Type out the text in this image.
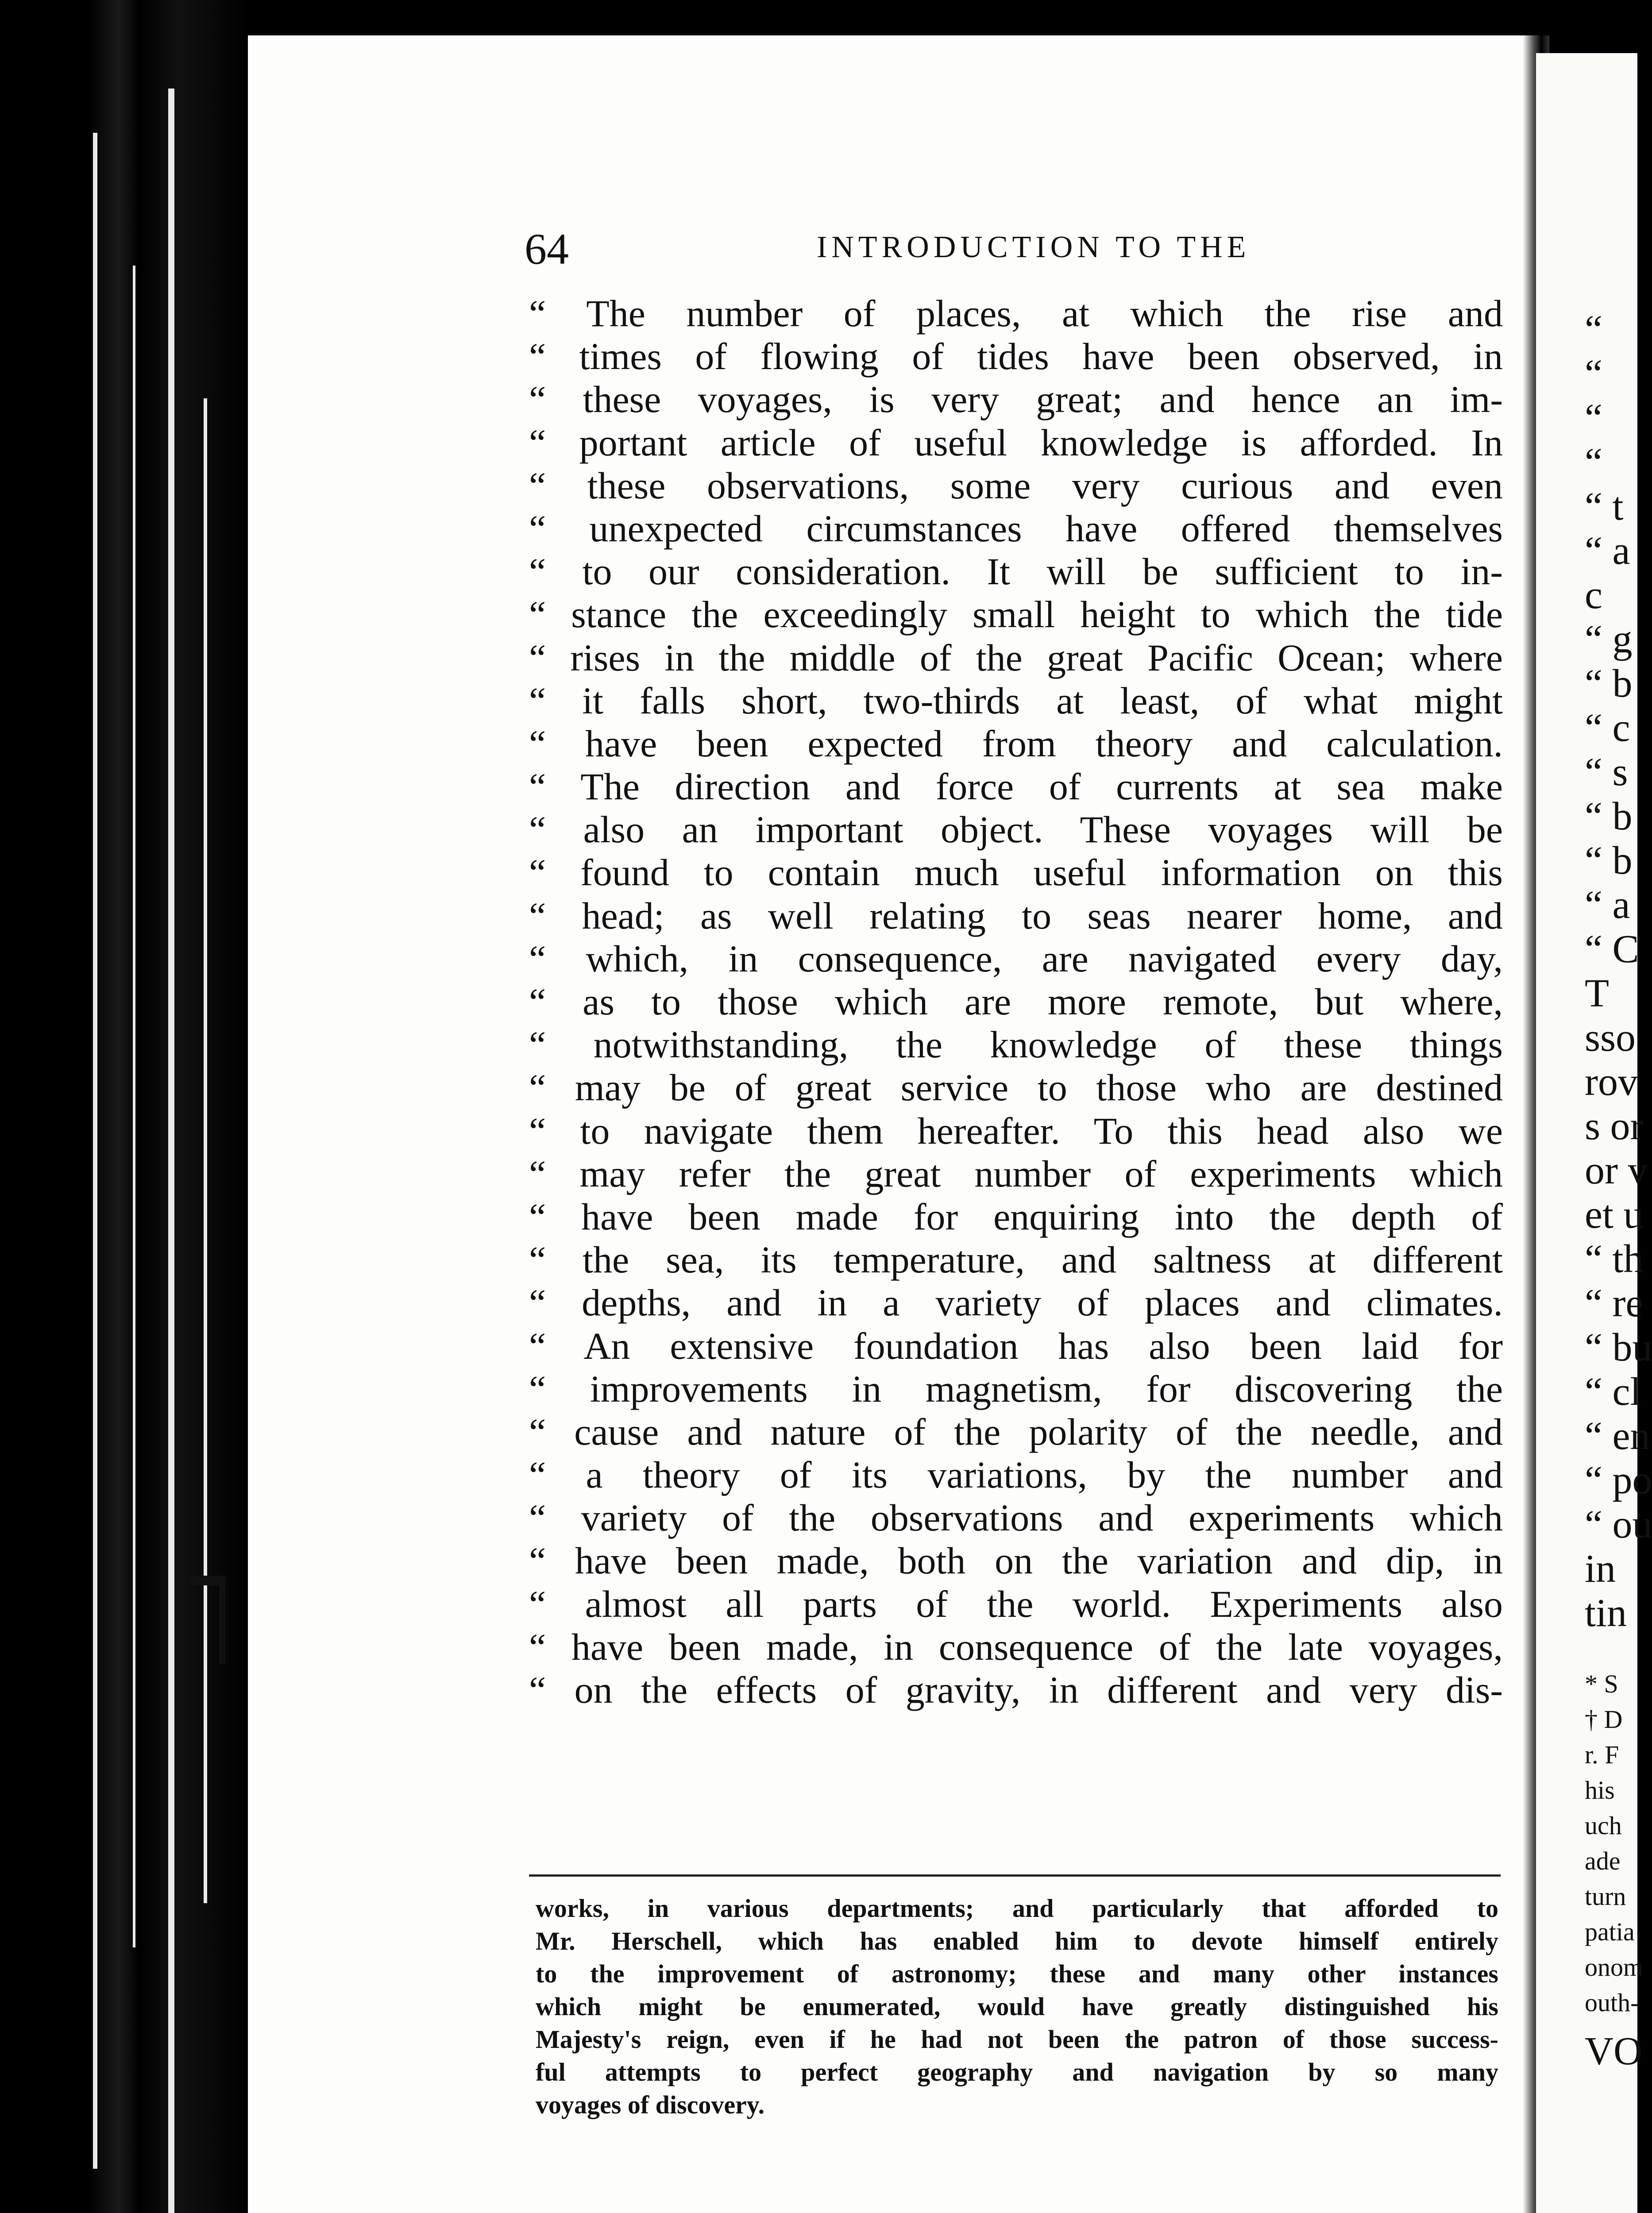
“
“
“
“
“ t
“ a
c
“ g
“ b
“ c
“ s
“ b
“ b
“ a
“ C
T
sso
rov
s or
or v
et u
“ th
“ re
“ bu
“ cl
“ en
“ po
“ ou
in
tin
* S
† D
r. F
his
uch
ade
turn
patia
onom
outh-
VO
64	INTRODUCTION TO THE
“ The number of places, at which the rise and
“ times of flowing of tides have been observed, in
“ these voyages, is very great; and hence an im-
“ portant article of useful knowledge is afforded. In
“ these observations, some very curious and even
“ unexpected circumstances have offered themselves
“ to our consideration. It will be sufficient to in-
“ stance the exceedingly small height to which the tide
“ rises in the middle of the great Pacific Ocean; where
“ it falls short, two-thirds at least, of what might
“ have been expected from theory and calculation.
“ The direction and force of currents at sea make
“ also an important object. These voyages will be
“ found to contain much useful information on this
“ head; as well relating to seas nearer home, and
“ which, in consequence, are navigated every day,
“ as to those which are more remote, but where,
“ notwithstanding, the knowledge of these things
“ may be of great service to those who are destined
“ to navigate them hereafter. To this head also we
“ may refer the great number of experiments which
“ have been made for enquiring into the depth of
“ the sea, its temperature, and saltness at different
“ depths, and in a variety of places and climates.
“ An extensive foundation has also been laid for
“ improvements in magnetism, for discovering the
“ cause and nature of the polarity of the needle, and
“ a theory of its variations, by the number and
“ variety of the observations and experiments which
“ have been made, both on the variation and dip, in
“ almost all parts of the world. Experiments also
“ have been made, in consequence of the late voyages,
“ on the effects of gravity, in different and very dis-
works, in various departments; and particularly that afforded to
Mr. Herschell, which has enabled him to devote himself entirely
to the improvement of astronomy; these and many other instances
which might be enumerated, would have greatly distinguished his
Majesty's reign, even if he had not been the patron of those success-
ful attempts to perfect geography and navigation by so many
voyages of discovery.
